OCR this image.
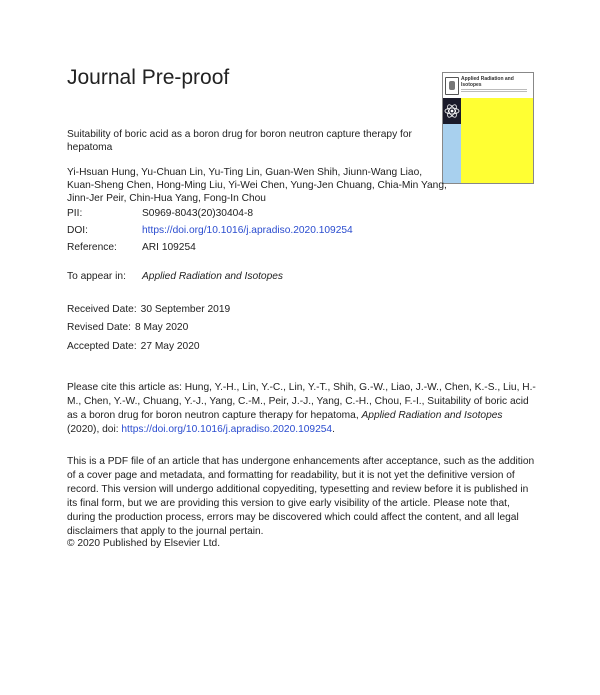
Journal Pre-proof	Applied Radiation and
Isotopes
Suitability of boric acid as a boron drug for boron neutron capture therapy for hepatoma
Yi-Hsuan Hung, Yu-Chuan Lin, Yu-Ting Lin, Guan-Wen Shih, Jiunn-Wang Liao, Kuan-Sheng Chen, Hong-Ming Liu, Yi-Wei Chen, Yung-Jen Chuang, Chia-Min Yang, Jinn-Jer Peir, Chin-Hua Yang, Fong-In Chou
PII:	S0969-8043(20)30404-8
DOI:	https://doi.org/10.1016/j.apradiso.2020.109254
Reference: ARI 109254
To appear in: Applied Radiation and Isotopes
Received Date: 30 September 2019
Revised Date: 8 May 2020
Accepted Date: 27 May 2020
Please cite this article as: Hung, Y.-H., Lin, Y.-C., Lin, Y.-T., Shih, G.-W., Liao, J.-W., Chen, K.-S., Liu, H.-M., Chen, Y.-W., Chuang, Y.-J., Yang, C.-M., Peir, J.-J., Yang, C.-H., Chou, F.-I., Suitability of boric acid as a boron drug for boron neutron capture therapy for hepatoma, Applied Radiation and Isotopes (2020), doi: https://doi.org/10.1016/j.apradiso.2020.109254.
This is a PDF file of an article that has undergone enhancements after acceptance, such as the addition of a cover page and metadata, and formatting for readability, but it is not yet the definitive version of record. This version will undergo additional copyediting, typesetting and review before it is published in its final form, but we are providing this version to give early visibility of the article. Please note that, during the production process, errors may be discovered which could affect the content, and all legal disclaimers that apply to the journal pertain.
© 2020 Published by Elsevier Ltd.
